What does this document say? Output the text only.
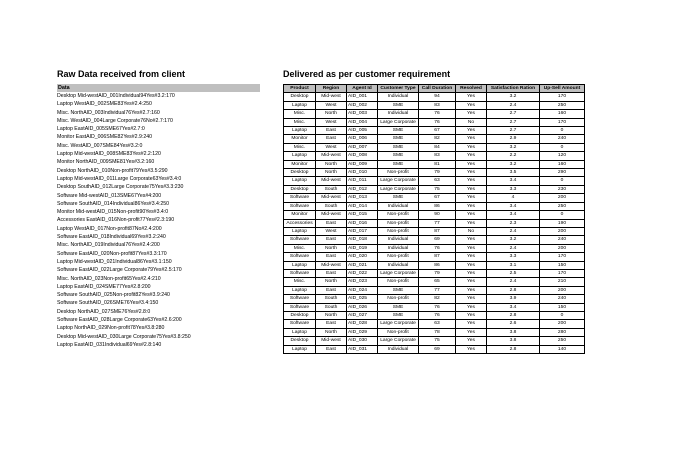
Raw Data received from client	Delivered as per customer requirement
Data
Desktop Mid-westAID_001Individual94Yes#3.2:170
Laptop WestAID_002SME83Yes#2.4:250
Misc. NorthAID_003Individual76Yes#2.7:160
Misc. WestAID_004Large Corporate76No#2.7:170
Laptop EastAID_005SME67Yes#2.7:0
Monitor EastAID_006SME82Yes#2.9:240
Misc. WestAID_007SME84Yes#3.2:0
Laptop Mid-westAID_008SME83Yes#2.2:120
Monitor NorthAID_009SME81Yes#3.2:160
Desktop NorthAID_010Non-profit79Yes#3.5:290
Laptop Mid-westAID_011Large Corporate63Yes#3.4:0
Desktop SouthAID_012Large Corporate75Yes#3.3:230
Software Mid-westAID_013SME67Yes#4:200
Software SouthAID_014Individual86Yes#3.4:250
Monitor Mid-westAID_015Non-profit90Yes#3.4:0
Accessories EastAID_016Non-profit77Yes#2.3:190
Laptop WestAID_017Non-profit87No#2.4:200
Software EastAID_018Individual69Yes#3.2:240
Misc. NorthAID_019Individual76Yes#2.4:200
Software EastAID_020Non-profit87Yes#3.3:170
Laptop Mid-westAID_021Individual86Yes#3.1:150
Software EastAID_022Large Corporate79Yes#2.5:170
Misc. NorthAID_023Non-profit65Yes#2.4:210
Laptop EastAID_024SME77Yes#2.8:200
Software SouthAID_025Non-profit82Yes#3.9:240
Software SouthAID_026SME76Yes#3.4:150
Desktop NorthAID_027SME76Yes#2.8:0
Software EastAID_028Large Corporate63Yes#2.6:200
Laptop NorthAID_029Non-profit78Yes#3.8:280
Desktop Mid-westAID_030Large Corporate75Yes#3.8:250
Laptop EastAID_031Individual69Yes#2.8:140
Product	Region	Agent Id	Customer Type	Call Duration	Resolved	Satisfaction Ration	Up-Sell Amount
Desktop	Mid-west	AID_001	Individual	94	Yes	3.2	170
Laptop	West	AID_002	SME	83	Yes	2.4	250
Misc.	North	AID_003	Individual	76	Yes	2.7	160
Misc.	West	AID_004	Large Corporate	76	No	2.7	170
Laptop	East	AID_005	SME	67	Yes	2.7	0
Monitor	East	AID_006	SME	82	Yes	2.9	240
Misc.	West	AID_007	SME	84	Yes	3.2	0
Laptop	Mid-west	AID_008	SME	83	Yes	2.2	120
Monitor	North	AID_009	SME	81	Yes	3.2	160
Desktop	North	AID_010	Non-profit	79	Yes	3.5	290
Laptop	Mid-west	AID_011	Large Corporate	63	Yes	3.4	0
Desktop	South	AID_012	Large Corporate	75	Yes	3.3	230
Software	Mid-west	AID_013	SME	67	Yes	4	200
Software	South	AID_014	Individual	86	Yes	3.4	250
Monitor	Mid-west	AID_015	Non-profit	90	Yes	3.4	0
Accessories	East	AID_016	Non-profit	77	Yes	2.3	190
Laptop	West	AID_017	Non-profit	87	No	2.4	200
Software	East	AID_018	Individual	69	Yes	3.2	240
Misc.	North	AID_019	Individual	76	Yes	2.4	200
Software	East	AID_020	Non-profit	87	Yes	3.3	170
Laptop	Mid-west	AID_021	Individual	86	Yes	3.1	150
Software	East	AID_022	Large Corporate	79	Yes	2.5	170
Misc.	North	AID_023	Non-profit	65	Yes	2.4	210
Laptop	East	AID_024	SME	77	Yes	2.8	200
Software	South	AID_025	Non-profit	82	Yes	3.9	240
Software	South	AID_026	SME	76	Yes	3.4	150
Desktop	North	AID_027	SME	76	Yes	2.8	0
Software	East	AID_028	Large Corporate	63	Yes	2.6	200
Laptop	North	AID_029	Non-profit	78	Yes	3.8	280
Desktop	Mid-west	AID_030	Large Corporate	75	Yes	3.8	250
Laptop	East	AID_031	Individual	69	Yes	2.8	140
